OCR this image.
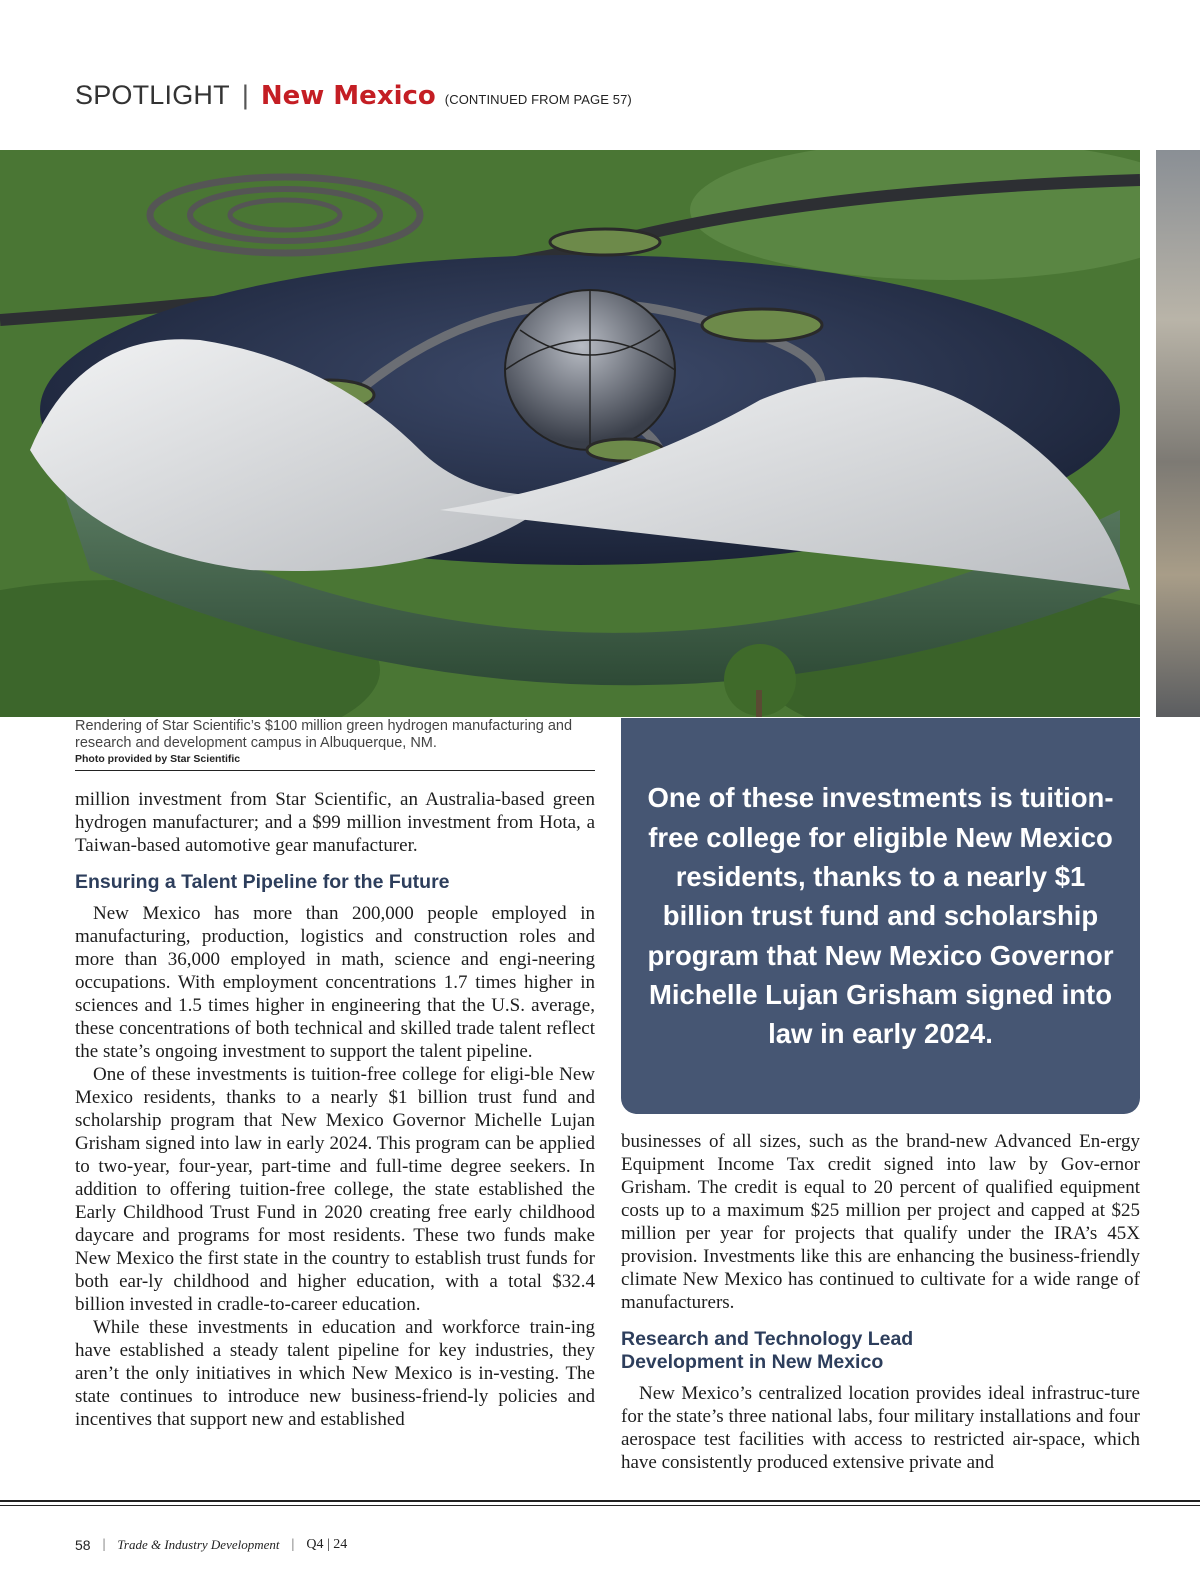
SPOTLIGHT | New Mexico (CONTINUED FROM PAGE 57)
Rendering of Star Scientific’s $100 million green hydrogen manufacturing and research and development campus in Albuquerque, NM.
Photo provided by Star Scientific

million investment from Star Scientific, an Australia-based green hydrogen manufacturer; and a $99 million investment from Hota, a Taiwan-based automotive gear manufacturer.

Ensuring a Talent Pipeline for the Future

New Mexico has more than 200,000 people employed in manufacturing, production, logistics and construction roles and more than 36,000 employed in math, science and engi-neering occupations. With employment concentrations 1.7 times higher in sciences and 1.5 times higher in engineering that the U.S. average, these concentrations of both technical and skilled trade talent reflect the state’s ongoing investment to support the talent pipeline.

One of these investments is tuition-free college for eligi-ble New Mexico residents, thanks to a nearly $1 billion trust fund and scholarship program that New Mexico Governor Michelle Lujan Grisham signed into law in early 2024. This program can be applied to two-year, four-year, part-time and full-time degree seekers. In addition to offering tuition-free college, the state established the Early Childhood Trust Fund in 2020 creating free early childhood daycare and programs for most residents. These two funds make New Mexico the first state in the country to establish trust funds for both ear-ly childhood and higher education, with a total $32.4 billion invested in cradle-to-career education.

While these investments in education and workforce train-ing have established a steady talent pipeline for key industries, they aren’t the only initiatives in which New Mexico is in-vesting. The state continues to introduce new business-friend-ly policies and incentives that support new and established

One of these investments is tuition-free college for eligible New Mexico residents, thanks to a nearly $1 billion trust fund and scholarship program that New Mexico Governor Michelle Lujan Grisham signed into law in early 2024.

businesses of all sizes, such as the brand-new Advanced En-ergy Equipment Income Tax credit signed into law by Gov-ernor Grisham. The credit is equal to 20 percent of qualified equipment costs up to a maximum $25 million per project and capped at $25 million per year for projects that qualify under the IRA’s 45X provision. Investments like this are enhancing the business-friendly climate New Mexico has continued to cultivate for a wide range of manufacturers.

Research and Technology Lead Development in New Mexico

New Mexico’s centralized location provides ideal infrastruc-ture for the state’s three national labs, four military installations and four aerospace test facilities with access to restricted air-space, which have consistently produced extensive private and

58 | Trade & Industry Development | Q4 | 24
